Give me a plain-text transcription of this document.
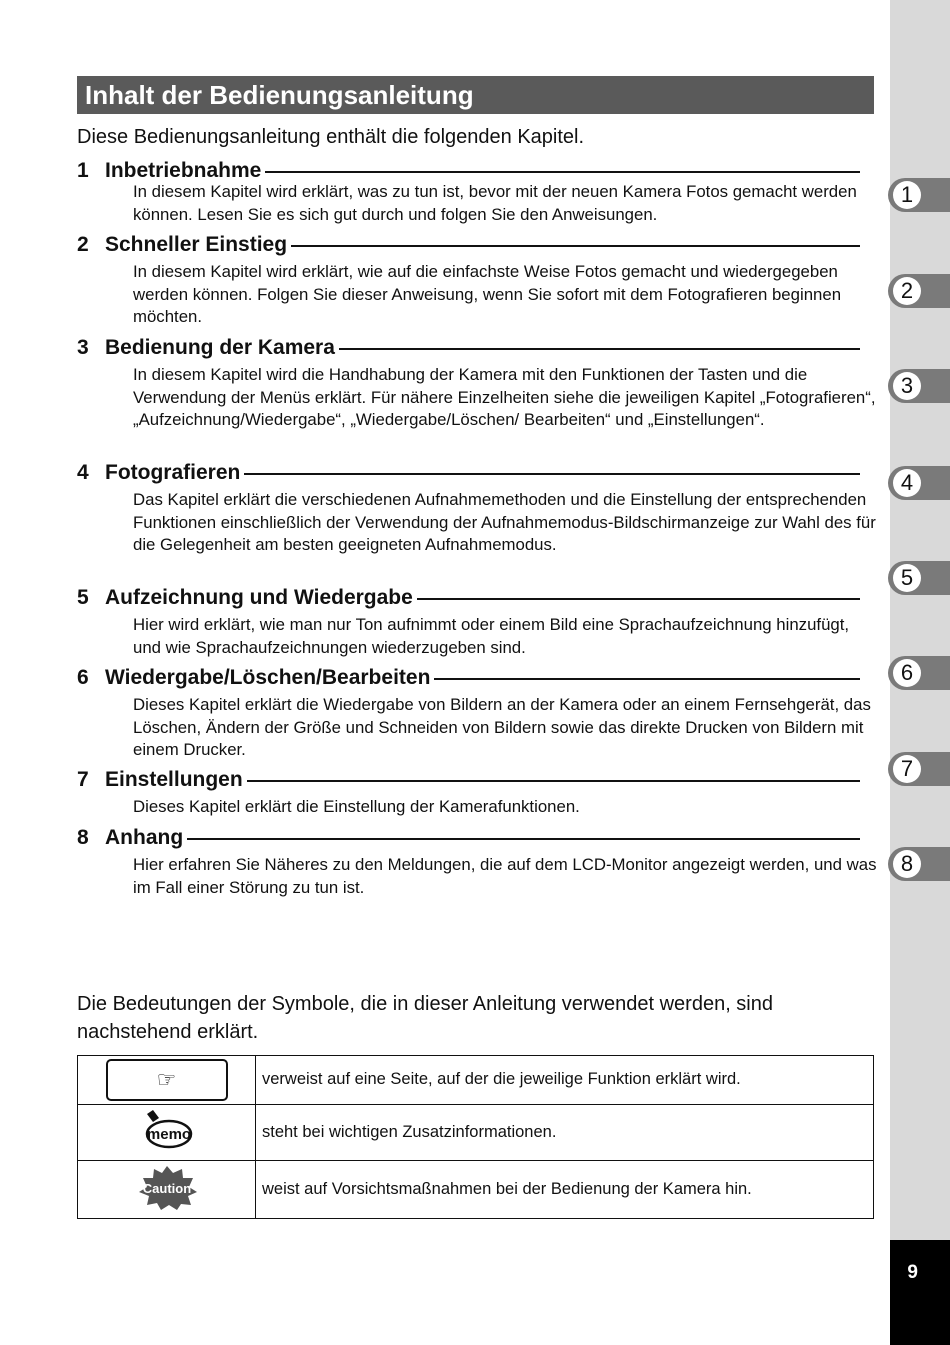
1
2
3
4
5
6
7
8
9
Inhalt der Bedienungsanleitung
Diese Bedienungsanleitung enthält die folgenden Kapitel.
1 Inbetriebnahme
In diesem Kapitel wird erklärt, was zu tun ist, bevor mit der neuen Kamera Fotos gemacht werden können. Lesen Sie es sich gut durch und folgen Sie den Anweisungen.
2 Schneller Einstieg
In diesem Kapitel wird erklärt, wie auf die einfachste Weise Fotos gemacht und wiedergegeben werden können. Folgen Sie dieser Anweisung, wenn Sie sofort mit dem Fotografieren beginnen möchten.
3 Bedienung der Kamera
In diesem Kapitel wird die Handhabung der Kamera mit den Funktionen der Tasten und die Verwendung der Menüs erklärt. Für nähere Einzelheiten siehe die jeweiligen Kapitel „Fotografieren“, „Aufzeichnung/Wiedergabe“, „Wiedergabe/Löschen/ Bearbeiten“ und „Einstellungen“.
4 Fotografieren
Das Kapitel erklärt die verschiedenen Aufnahmemethoden und die Einstellung der entsprechenden Funktionen einschließlich der Verwendung der Aufnahmemodus-Bildschirmanzeige zur Wahl des für die Gelegenheit am besten geeigneten Aufnahmemodus.
5 Aufzeichnung und Wiedergabe
Hier wird erklärt, wie man nur Ton aufnimmt oder einem Bild eine Sprachaufzeichnung hinzufügt, und wie Sprachaufzeichnungen wiederzugeben sind.
6 Wiedergabe/Löschen/Bearbeiten
Dieses Kapitel erklärt die Wiedergabe von Bildern an der Kamera oder an einem Fernsehgerät, das Löschen, Ändern der Größe und Schneiden von Bildern sowie das direkte Drucken von Bildern mit einem Drucker.
7 Einstellungen
Dieses Kapitel erklärt die Einstellung der Kamerafunktionen.
8 Anhang
Hier erfahren Sie Näheres zu den Meldungen, die auf dem LCD-Monitor angezeigt werden, und was im Fall einer Störung zu tun ist.
Die Bedeutungen der Symbole, die in dieser Anleitung verwendet werden, sind nachstehend erklärt.
☞	verweist auf eine Seite, auf der die jeweilige Funktion erklärt wird.

memo	steht bei wichtigen Zusatzinformationen.

Caution	weist auf Vorsichtsmaßnahmen bei der Bedienung der Kamera hin.
